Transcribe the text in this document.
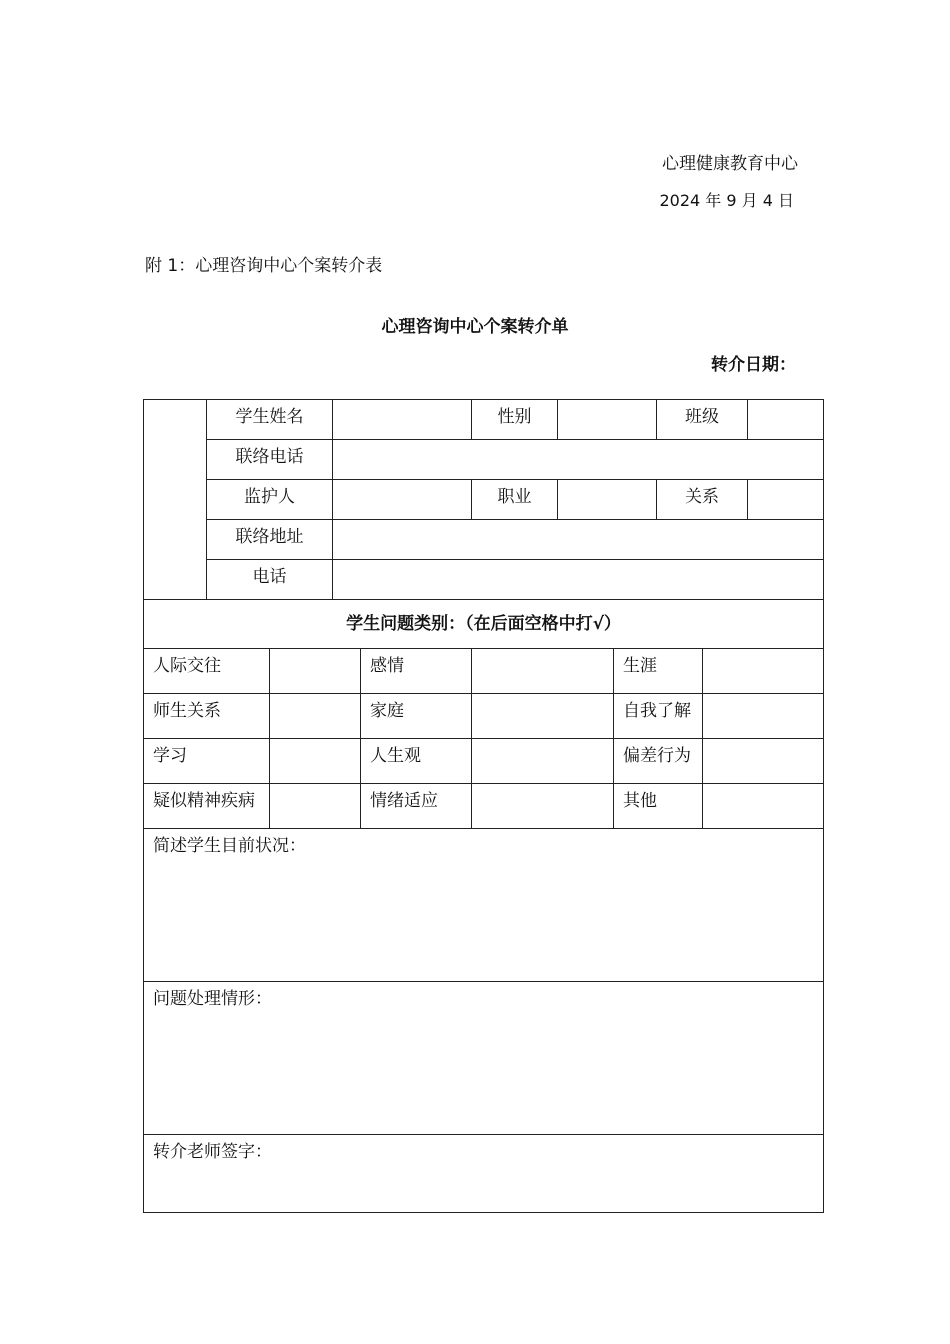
心理健康教育中心
2024 年 9 月 4 日
附 1：心理咨询中心个案转介表
心理咨询中心个案转介单
转介日期：
	学生姓名				性别			班级		
	联络电话									
	监护人				职业			关系		
	联络地址									
	电话									
学生问题类别：（在后面空格中打√）										
人际交往				感情			生涯			
师生关系				家庭			自我了解			
学习				人生观			偏差行为			
疑似精神疾病				情绪适应			其他			
简述学生目前状况：										
问题处理情形：										
转介老师签字：										
